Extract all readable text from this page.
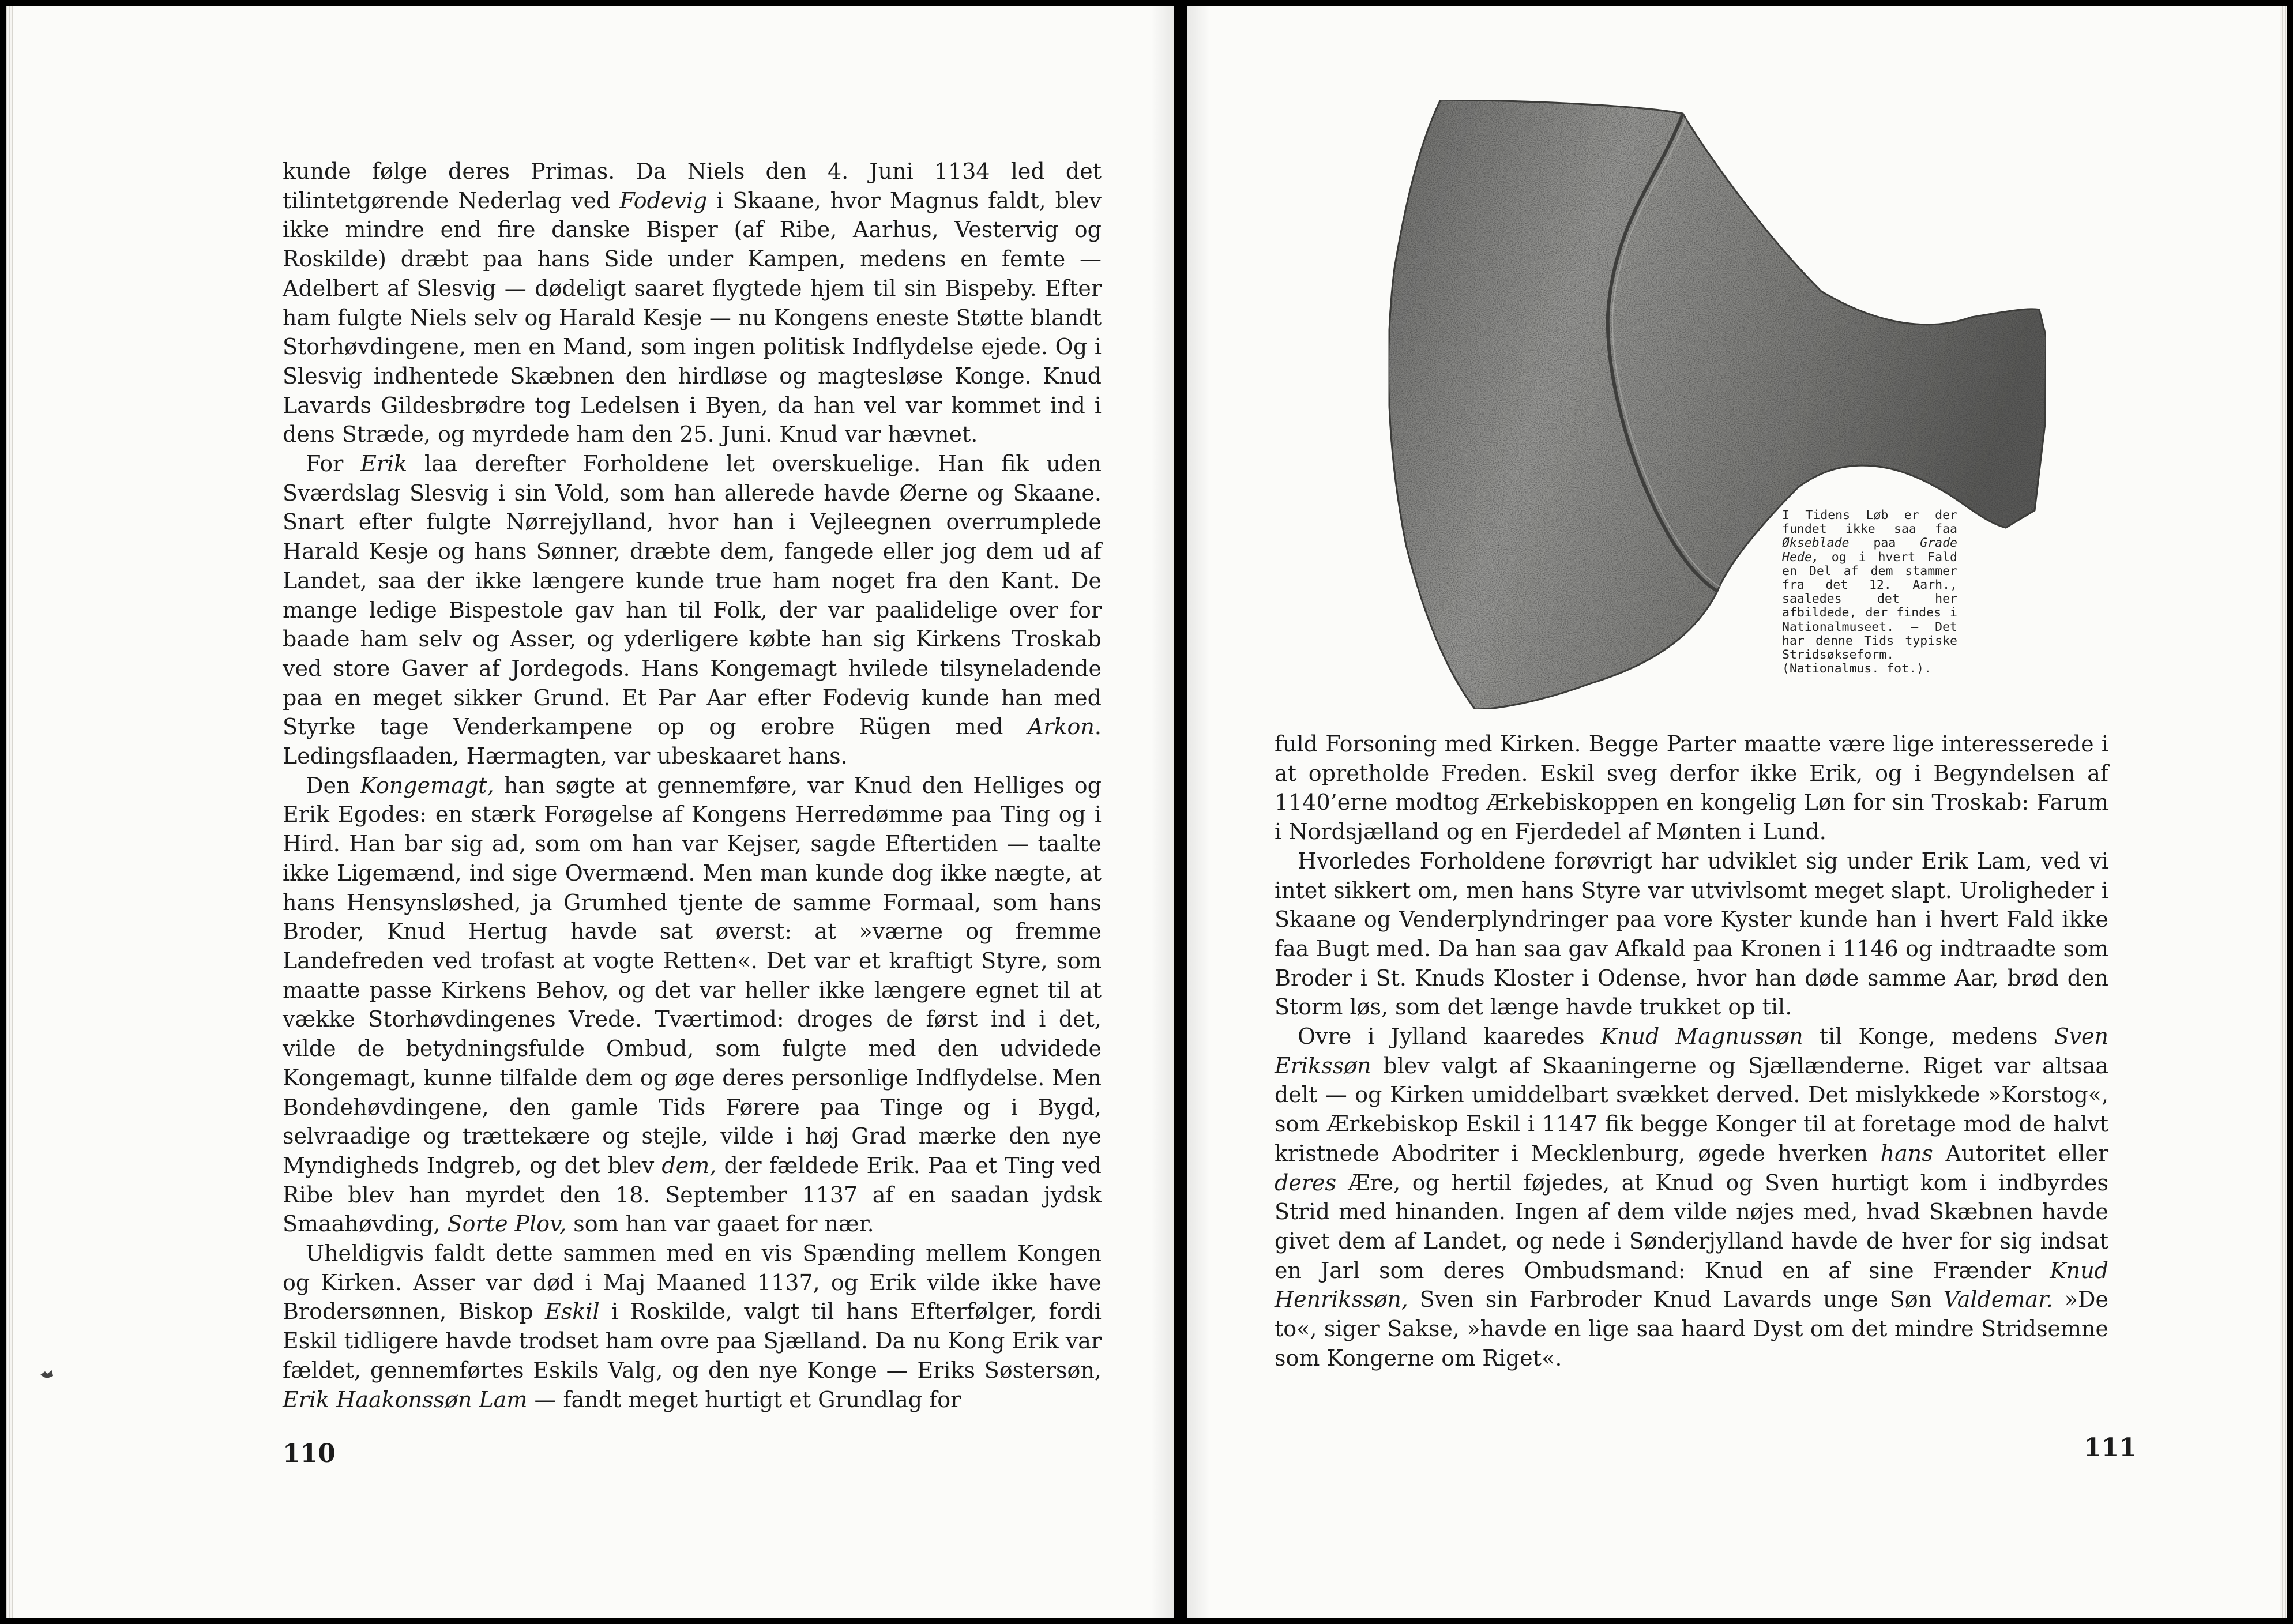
kunde følge deres Primas. Da Niels den 4. Juni 1134 led det tilintetgørende Nederlag ved Fodevig i Skaane, hvor Magnus faldt, blev ikke mindre end fire danske Bisper (af Ribe, Aarhus, Vestervig og Roskilde) dræbt paa hans Side under Kampen, medens en femte — Adelbert af Slesvig — dødeligt saaret flygtede hjem til sin Bispeby. Efter ham fulgte Niels selv og Harald Kesje — nu Kongens eneste Støtte blandt Storhøvdingene, men en Mand, som ingen politisk Indflydelse ejede. Og i Slesvig indhentede Skæbnen den hirdløse og magtesløse Konge. Knud Lavards Gildesbrødre tog Ledelsen i Byen, da han vel var kommet ind i dens Stræde, og myrdede ham den 25. Juni. Knud var hævnet.

For Erik laa derefter Forholdene let overskuelige. Han fik uden Sværdslag Slesvig i sin Vold, som han allerede havde Øerne og Skaane. Snart efter fulgte Nørrejylland, hvor han i Vejleegnen overrumplede Harald Kesje og hans Sønner, dræbte dem, fangede eller jog dem ud af Landet, saa der ikke længere kunde true ham noget fra den Kant. De mange ledige Bispestole gav han til Folk, der var paalidelige over for baade ham selv og Asser, og yderligere købte han sig Kirkens Troskab ved store Gaver af Jordegods. Hans Kongemagt hvilede tilsyneladende paa en meget sikker Grund. Et Par Aar efter Fodevig kunde han med Styrke tage Venderkampene op og erobre Rügen med Arkon. Ledingsflaaden, Hærmagten, var ubeskaaret hans.

Den Kongemagt, han søgte at gennemføre, var Knud den Helliges og Erik Egodes: en stærk Forøgelse af Kongens Herredømme paa Ting og i Hird. Han bar sig ad, som om han var Kejser, sagde Eftertiden — taalte ikke Ligemænd, ind sige Overmænd. Men man kunde dog ikke nægte, at hans Hensynsløshed, ja Grumhed tjente de samme Formaal, som hans Broder, Knud Hertug havde sat øverst: at »værne og fremme Landefreden ved trofast at vogte Retten«. Det var et kraftigt Styre, som maatte passe Kirkens Behov, og det var heller ikke længere egnet til at vække Storhøvdingenes Vrede. Tværtimod: droges de først ind i det, vilde de betydningsfulde Ombud, som fulgte med den udvidede Kongemagt, kunne tilfalde dem og øge deres personlige Indflydelse. Men Bondehøvdingene, den gamle Tids Førere paa Tinge og i Bygd, selvraadige og trættekære og stejle, vilde i høj Grad mærke den nye Myndigheds Indgreb, og det blev dem, der fældede Erik. Paa et Ting ved Ribe blev han myrdet den 18. September 1137 af en saadan jydsk Smaahøvding, Sorte Plov, som han var gaaet for nær.

Uheldigvis faldt dette sammen med en vis Spænding mellem Kongen og Kirken. Asser var død i Maj Maaned 1137, og Erik vilde ikke have Brodersønnen, Biskop Eskil i Roskilde, valgt til hans Efterfølger, fordi Eskil tidligere havde trodset ham ovre paa Sjælland. Da nu Kong Erik var fældet, gennemførtes Eskils Valg, og den nye Konge — Eriks Søstersøn, Erik Haakonssøn Lam — fandt meget hurtigt et Grundlag for

110

I Tidens Løb er der fundet ikke saa faa Økseblade paa Grade Hede, og i hvert Fald en Del af dem stammer fra det 12. Aarh., saaledes det her afbildede, der findes i Nationalmuseet. — Det har denne Tids typiske Stridsøkseform. (Nationalmus. fot.).

fuld Forsoning med Kirken. Begge Parter maatte være lige interesserede i at opretholde Freden. Eskil sveg derfor ikke Erik, og i Begyndelsen af 1140’erne modtog Ærkebiskoppen en kongelig Løn for sin Troskab: Farum i Nordsjælland og en Fjerdedel af Mønten i Lund.

Hvorledes Forholdene forøvrigt har udviklet sig under Erik Lam, ved vi intet sikkert om, men hans Styre var utvivlsomt meget slapt. Uroligheder i Skaane og Venderplyndringer paa vore Kyster kunde han i hvert Fald ikke faa Bugt med. Da han saa gav Afkald paa Kronen i 1146 og indtraadte som Broder i St. Knuds Kloster i Odense, hvor han døde samme Aar, brød den Storm løs, som det længe havde trukket op til.

Ovre i Jylland kaaredes Knud Magnussøn til Konge, medens Sven Erikssøn blev valgt af Skaaningerne og Sjællænderne. Riget var altsaa delt — og Kirken umiddelbart svækket derved. Det mislykkede »Korstog«, som Ærkebiskop Eskil i 1147 fik begge Konger til at foretage mod de halvt kristnede Abodriter i Mecklenburg, øgede hverken hans Autoritet eller deres Ære, og hertil føjedes, at Knud og Sven hurtigt kom i indbyrdes Strid med hinanden. Ingen af dem vilde nøjes med, hvad Skæbnen havde givet dem af Landet, og nede i Sønderjylland havde de hver for sig indsat en Jarl som deres Ombudsmand: Knud en af sine Frænder Knud Henrikssøn, Sven sin Farbroder Knud Lavards unge Søn Valdemar. »De to«, siger Sakse, »havde en lige saa haard Dyst om det mindre Stridsemne som Kongerne om Riget«.

111
